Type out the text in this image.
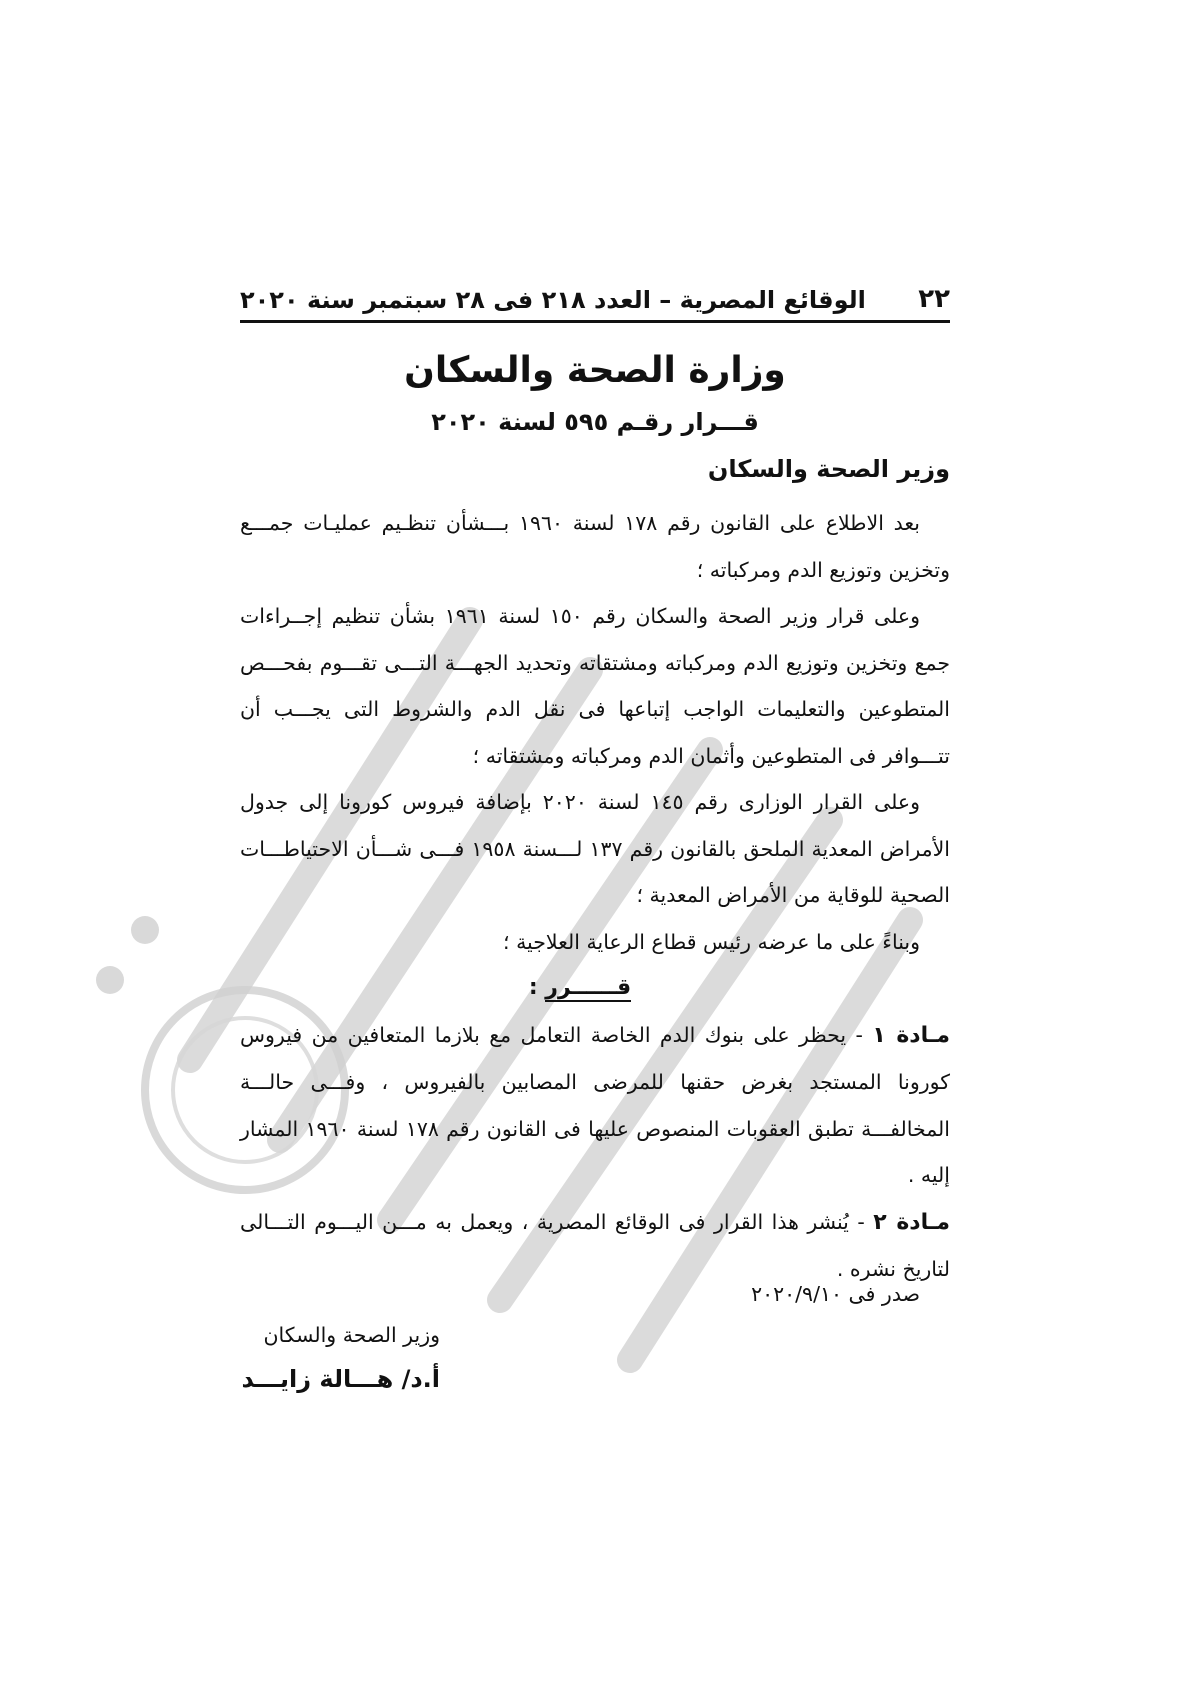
٢٢
الوقائع المصرية – العدد ٢١٨ فى ٢٨ سبتمبر سنة ٢٠٢٠
وزارة الصحة والسكان
قـــرار رقـم ٥٩٥ لسنة ٢٠٢٠
وزير الصحة والسكان

بعد الاطلاع على القانون رقم ١٧٨ لسنة ١٩٦٠ بـــشأن تنظـيم عمليـات جمـــع وتخزين وتوزيع الدم ومركباته ؛

وعلى قرار وزير الصحة والسكان رقم ١٥٠ لسنة ١٩٦١ بشأن تنظيم إجــراءات جمع وتخزين وتوزيع الدم ومركباته ومشتقاته وتحديد الجهـــة التـــى تقـــوم بفحـــص المتطوعين والتعليمات الواجب إتباعها فى نقل الدم والشروط التى يجـــب أن تتـــوافر فى المتطوعين وأثمان الدم ومركباته ومشتقاته ؛

وعلى القرار الوزارى رقم ١٤٥ لسنة ٢٠٢٠ بإضافة فيروس كورونا إلى جدول الأمراض المعدية الملحق بالقانون رقم ١٣٧ لـــسنة ١٩٥٨ فـــى شـــأن الاحتياطـــات الصحية للوقاية من الأمراض المعدية ؛

وبناءً على ما عرضه رئيس قطاع الرعاية العلاجية ؛

قــــــرر :

مـادة ١ - يحظر على بنوك الدم الخاصة التعامل مع بلازما المتعافين من فيروس كورونا المستجد بغرض حقنها للمرضى المصابين بالفيروس ، وفـــى حالـــة المخالفـــة تطبق العقوبات المنصوص عليها فى القانون رقم ١٧٨ لسنة ١٩٦٠ المشار إليه .

مـادة ٢ - يُنشر هذا القرار فى الوقائع المصرية ، ويعمل به مـــن اليـــوم التـــالى لتاريخ نشره .

صدر فى ٢٠٢٠/٩/١٠
وزير الصحة والسكان
أ.د/ هـــالة زايـــد
